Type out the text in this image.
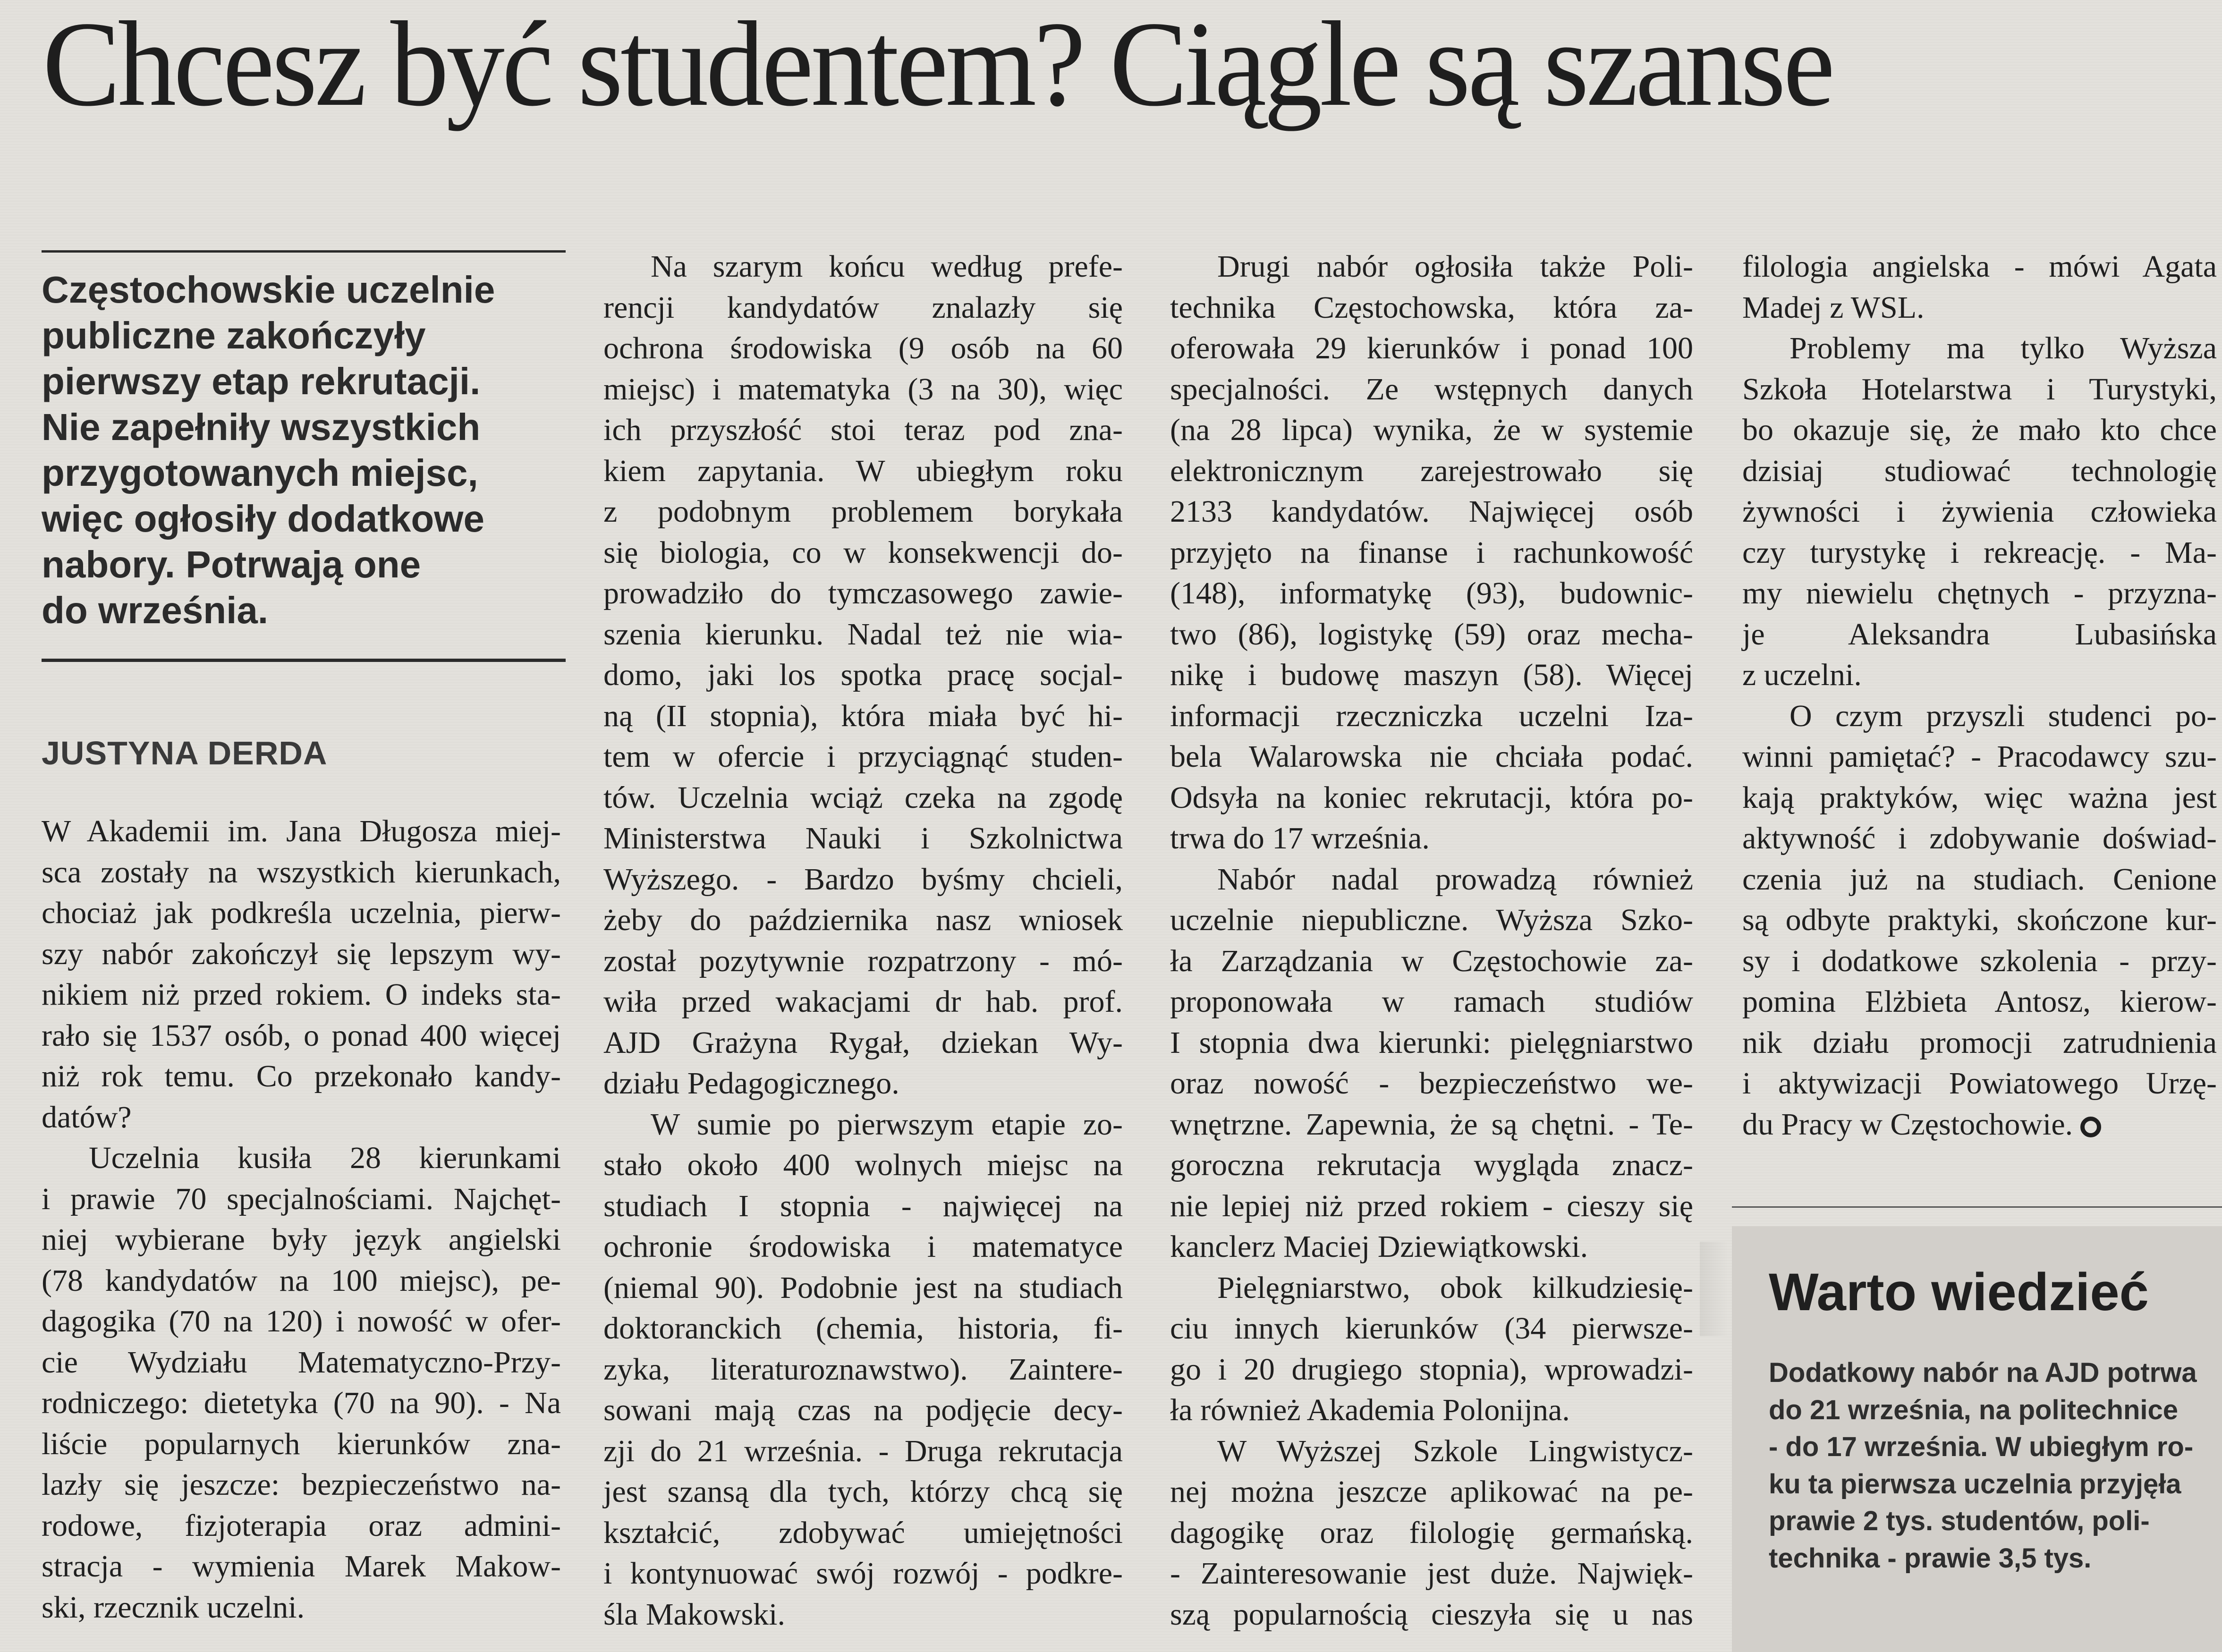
Chcesz być studentem? Ciągle są szanse

Częstochowskie uczelnie
publiczne zakończyły
pierwszy etap rekrutacji.
Nie zapełniły wszystkich
przygotowanych miejsc,
więc ogłosiły dodatkowe
nabory. Potrwają one
do września.

JUSTYNA DERDA

W Akademii im. Jana Długosza miej-
sca zostały na wszystkich kierunkach,
chociaż jak podkreśla uczelnia, pierw-
szy nabór zakończył się lepszym wy-
nikiem niż przed rokiem. O indeks sta-
rało się 1537 osób, o ponad 400 więcej
niż rok temu. Co przekonało kandy-
datów?
Uczelnia kusiła 28 kierunkami
i prawie 70 specjalnościami. Najchęt-
niej wybierane były język angielski
(78 kandydatów na 100 miejsc), pe-
dagogika (70 na 120) i nowość w ofer-
cie Wydziału Matematyczno-Przy-
rodniczego: dietetyka (70 na 90). - Na
liście popularnych kierunków zna-
lazły się jeszcze: bezpieczeństwo na-
rodowe, fizjoterapia oraz admini-
stracja - wymienia Marek Makow-
ski, rzecznik uczelni.
Na szarym końcu według prefe-
rencji kandydatów znalazły się
ochrona środowiska (9 osób na 60
miejsc) i matematyka (3 na 30), więc
ich przyszłość stoi teraz pod zna-
kiem zapytania. W ubiegłym roku
z podobnym problemem borykała
się biologia, co w konsekwencji do-
prowadziło do tymczasowego zawie-
szenia kierunku. Nadal też nie wia-
domo, jaki los spotka pracę socjal-
ną (II stopnia), która miała być hi-
tem w ofercie i przyciągnąć studen-
tów. Uczelnia wciąż czeka na zgodę
Ministerstwa Nauki i Szkolnictwa
Wyższego. - Bardzo byśmy chcieli,
żeby do października nasz wniosek
został pozytywnie rozpatrzony - mó-
wiła przed wakacjami dr hab. prof.
AJD Grażyna Rygał, dziekan Wy-
działu Pedagogicznego.
W sumie po pierwszym etapie zo-
stało około 400 wolnych miejsc na
studiach I stopnia - najwięcej na
ochronie środowiska i matematyce
(niemal 90). Podobnie jest na studiach
doktoranckich (chemia, historia, fi-
zyka, literaturoznawstwo). Zaintere-
sowani mają czas na podjęcie decy-
zji do 21 września. - Druga rekrutacja
jest szansą dla tych, którzy chcą się
kształcić, zdobywać umiejętności
i kontynuować swój rozwój - podkre-
śla Makowski.
Drugi nabór ogłosiła także Poli-
technika Częstochowska, która za-
oferowała 29 kierunków i ponad 100
specjalności. Ze wstępnych danych
(na 28 lipca) wynika, że w systemie
elektronicznym zarejestrowało się
2133 kandydatów. Najwięcej osób
przyjęto na finanse i rachunkowość
(148), informatykę (93), budownic-
two (86), logistykę (59) oraz mecha-
nikę i budowę maszyn (58). Więcej
informacji rzeczniczka uczelni Iza-
bela Walarowska nie chciała podać.
Odsyła na koniec rekrutacji, która po-
trwa do 17 września.
Nabór nadal prowadzą również
uczelnie niepubliczne. Wyższa Szko-
ła Zarządzania w Częstochowie za-
proponowała w ramach studiów
I stopnia dwa kierunki: pielęgniarstwo
oraz nowość - bezpieczeństwo we-
wnętrzne. Zapewnia, że są chętni. - Te-
goroczna rekrutacja wygląda znacz-
nie lepiej niż przed rokiem - cieszy się
kanclerz Maciej Dziewiątkowski.
Pielęgniarstwo, obok kilkudziesię-
ciu innych kierunków (34 pierwsze-
go i 20 drugiego stopnia), wprowadzi-
ła również Akademia Polonijna.
W Wyższej Szkole Lingwistycz-
nej można jeszcze aplikować na pe-
dagogikę oraz filologię germańską.
- Zainteresowanie jest duże. Najwięk-
szą popularnością cieszyła się u nas
filologia angielska - mówi Agata
Madej z WSL.
Problemy ma tylko Wyższa
Szkoła Hotelarstwa i Turystyki,
bo okazuje się, że mało kto chce
dzisiaj studiować technologię
żywności i żywienia człowieka
czy turystykę i rekreację. - Ma-
my niewielu chętnych - przyzna-
je Aleksandra Lubasińska
z uczelni.
O czym przyszli studenci po-
winni pamiętać? - Pracodawcy szu-
kają praktyków, więc ważna jest
aktywność i zdobywanie doświad-
czenia już na studiach. Cenione
są odbyte praktyki, skończone kur-
sy i dodatkowe szkolenia - przy-
pomina Elżbieta Antosz, kierow-
nik działu promocji zatrudnienia
i aktywizacji Powiatowego Urzę-
du Pracy w Częstochowie.
Warto wiedzieć

Dodatkowy nabór na AJD potrwa
do 21 września, na politechnice
- do 17 września. W ubiegłym ro-
ku ta pierwsza uczelnia przyjęła
prawie 2 tys. studentów, poli-
technika - prawie 3,5 tys.
